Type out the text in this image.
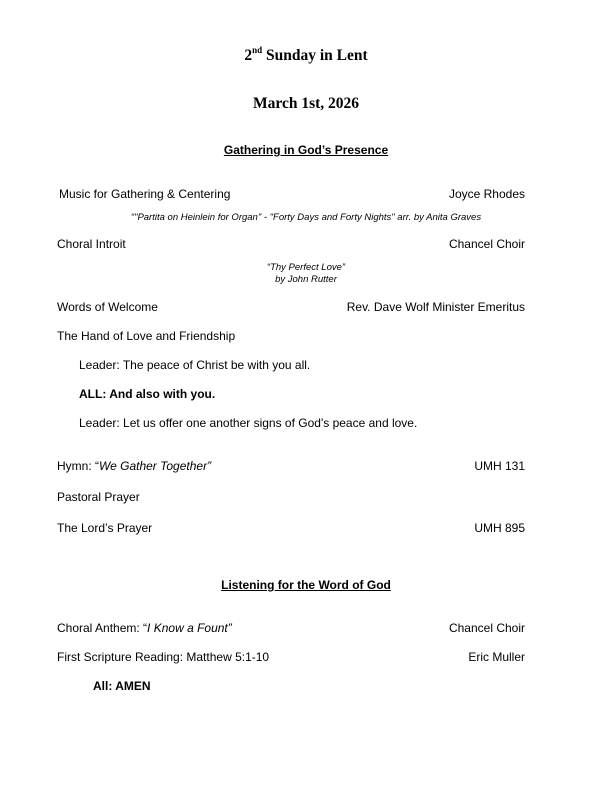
2nd Sunday in Lent
March 1st, 2026
Gathering in God’s Presence
Music for Gathering & Centering	Joyce Rhodes
“"Partita on Heinlein for Organ" - "Forty Days and Forty Nights" arr. by Anita Graves
Choral Introit	Chancel Choir
“Thy Perfect Love”
by John Rutter
Words of Welcome	Rev. Dave Wolf Minister Emeritus
The Hand of Love and Friendship
Leader: The peace of Christ be with you all.
ALL: And also with you.
Leader: Let us offer one another signs of God's peace and love.
Hymn: “We Gather Together”	UMH 131
Pastoral Prayer
The Lord’s Prayer	UMH 895
Listening for the Word of God
Choral Anthem: “I Know a Fount”	Chancel Choir
First Scripture Reading: Matthew 5:1-10	Eric Muller
All: AMEN
